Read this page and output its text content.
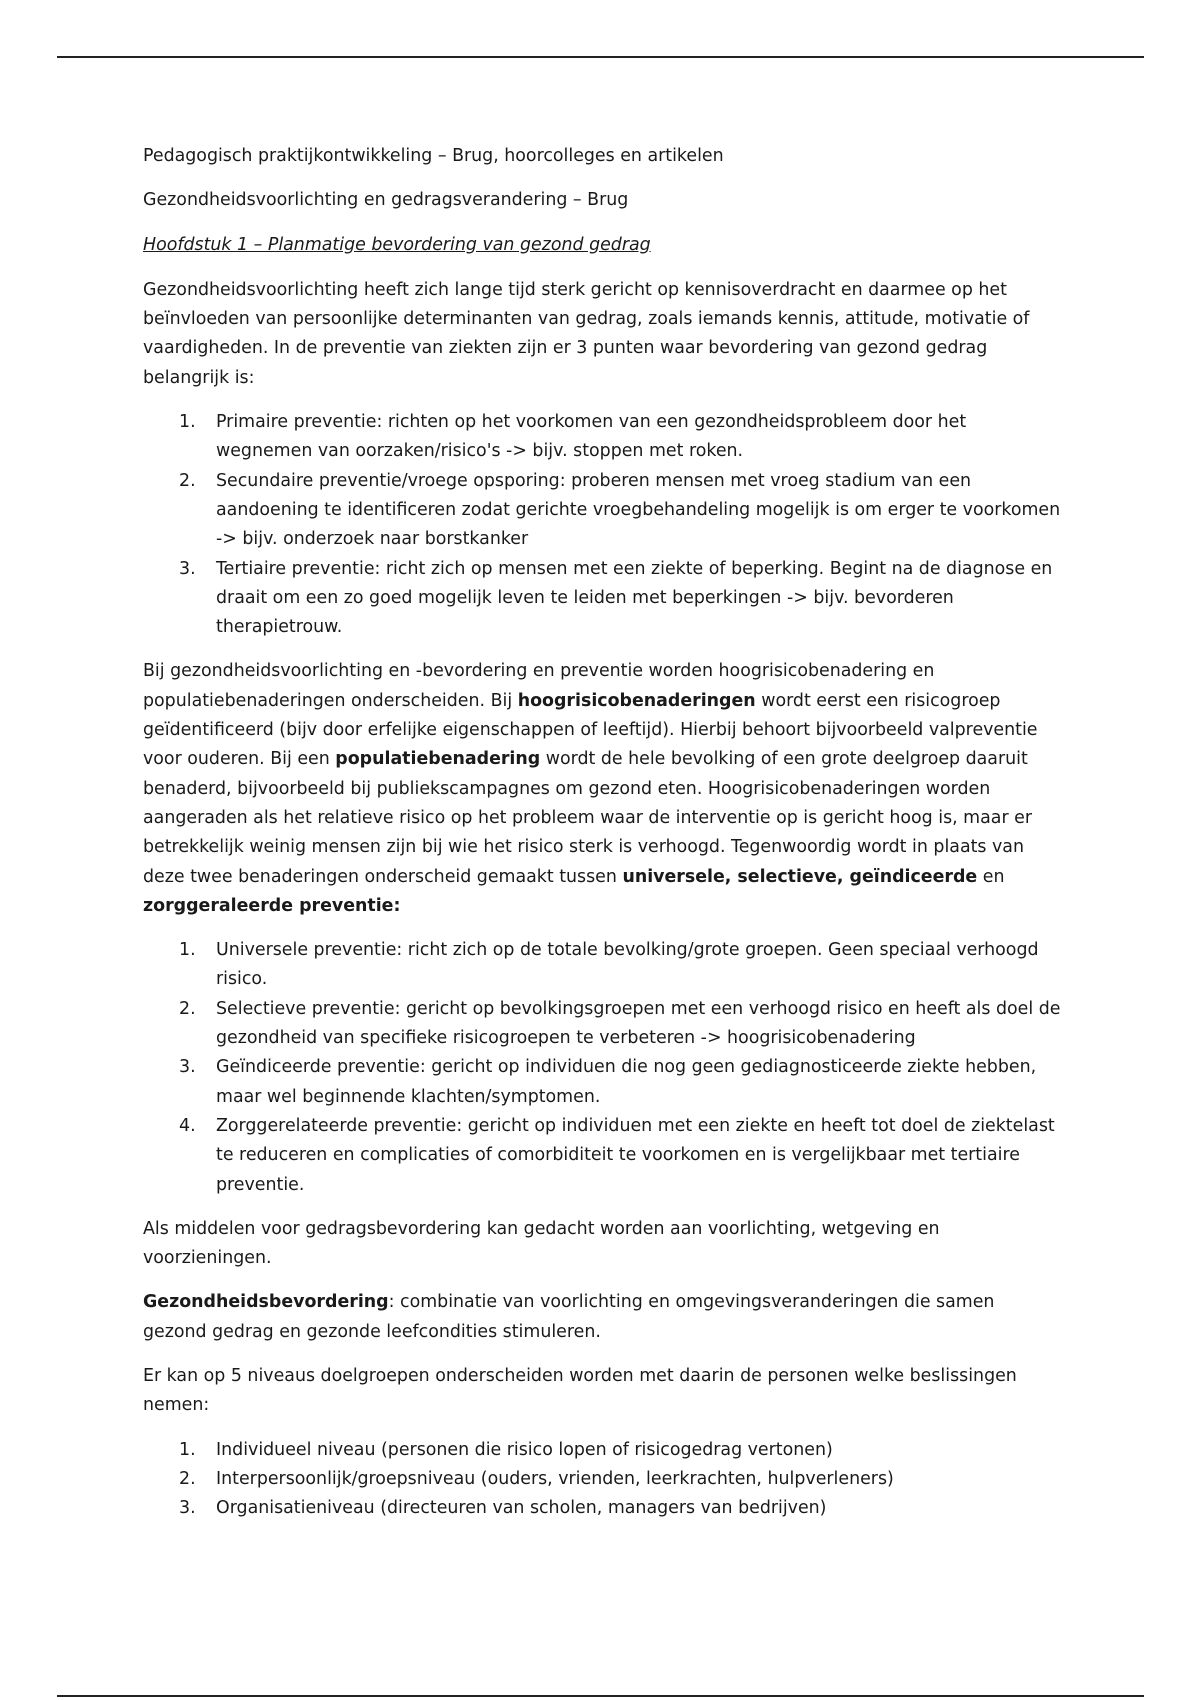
Pedagogisch praktijkontwikkeling – Brug, hoorcolleges en artikelen
Gezondheidsvoorlichting en gedragsverandering – Brug
Hoofdstuk 1 – Planmatige bevordering van gezond gedrag

Gezondheidsvoorlichting heeft zich lange tijd sterk gericht op kennisoverdracht en daarmee op het beïnvloeden van persoonlijke determinanten van gedrag, zoals iemands kennis, attitude, motivatie of vaardigheden. In de preventie van ziekten zijn er 3 punten waar bevordering van gezond gedrag belangrijk is:

1. Primaire preventie: richten op het voorkomen van een gezondheidsprobleem door het wegnemen van oorzaken/risico's -> bijv. stoppen met roken.
2. Secundaire preventie/vroege opsporing: proberen mensen met vroeg stadium van een aandoening te identificeren zodat gerichte vroegbehandeling mogelijk is om erger te voorkomen -> bijv. onderzoek naar borstkanker
3. Tertiaire preventie: richt zich op mensen met een ziekte of beperking. Begint na de diagnose en draait om een zo goed mogelijk leven te leiden met beperkingen -> bijv. bevorderen therapietrouw.

Bij gezondheidsvoorlichting en -bevordering en preventie worden hoogrisicobenadering en populatiebenaderingen onderscheiden. Bij hoogrisicobenaderingen wordt eerst een risicogroep geïdentificeerd (bijv door erfelijke eigenschappen of leeftijd). Hierbij behoort bijvoorbeeld valpreventie voor ouderen. Bij een populatiebenadering wordt de hele bevolking of een grote deelgroep daaruit benaderd, bijvoorbeeld bij publiekscampagnes om gezond eten. Hoogrisicobenaderingen worden aangeraden als het relatieve risico op het probleem waar de interventie op is gericht hoog is, maar er betrekkelijk weinig mensen zijn bij wie het risico sterk is verhoogd. Tegenwoordig wordt in plaats van deze twee benaderingen onderscheid gemaakt tussen universele, selectieve, geïndiceerde en zorggeraleerde preventie:

1. Universele preventie: richt zich op de totale bevolking/grote groepen. Geen speciaal verhoogd risico.
2. Selectieve preventie: gericht op bevolkingsgroepen met een verhoogd risico en heeft als doel de gezondheid van specifieke risicogroepen te verbeteren -> hoogrisicobenadering
3. Geïndiceerde preventie: gericht op individuen die nog geen gediagnosticeerde ziekte hebben, maar wel beginnende klachten/symptomen.
4. Zorggerelateerde preventie: gericht op individuen met een ziekte en heeft tot doel de ziektelast te reduceren en complicaties of comorbiditeit te voorkomen en is vergelijkbaar met tertiaire preventie.

Als middelen voor gedragsbevordering kan gedacht worden aan voorlichting, wetgeving en voorzieningen.

Gezondheidsbevordering: combinatie van voorlichting en omgevingsveranderingen die samen gezond gedrag en gezonde leefcondities stimuleren.

Er kan op 5 niveaus doelgroepen onderscheiden worden met daarin de personen welke beslissingen nemen:

1. Individueel niveau (personen die risico lopen of risicogedrag vertonen)
2. Interpersoonlijk/groepsniveau (ouders, vrienden, leerkrachten, hulpverleners)
3. Organisatieniveau (directeuren van scholen, managers van bedrijven)
